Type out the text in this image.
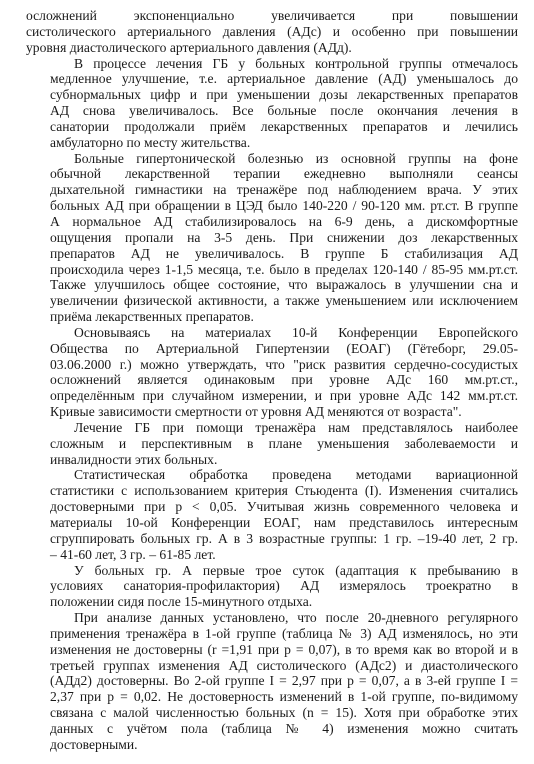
осложнений экспоненциально увеличивается при повышении
систолического артериального давления (АДс) и особенно при повышении
уровня диастолического артериального давления (АДд).
В процессе лечения ГБ у больных контрольной группы отмечалось
медленное улучшение, т.е. артериальное давление (АД) уменьшалось до
субнормальных цифр и при уменьшении дозы лекарственных препаратов
АД снова увеличивалось. Все больные после окончания лечения в
санатории продолжали приём лекарственных препаратов и лечились
амбулаторно по месту жительства.
Больные гипертонической болезнью из основной группы на фоне
обычной лекарственной терапии ежедневно выполняли сеансы
дыхательной гимнастики на тренажёре под наблюдением врача. У этих
больных АД при обращении в ЦЭД было 140-220 / 90-120 мм. рт.ст. В группе
А нормальное АД стабилизировалось на 6-9 день, а дискомфортные
ощущения пропали на 3-5 день. При снижении доз лекарственных
препаратов АД не увеличивалось. В группе Б стабилизация АД
происходила через 1-1,5 месяца, т.е. было в пределах 120-140 / 85-95 мм.рт.ст.
Также улучшилось общее состояние, что выражалось в улучшении сна и
увеличении физической активности, а также уменьшением или исключением
приёма лекарственных препаратов.
Основываясь на материалах 10-й Конференции Европейского
Общества по Артериальной Гипертензии (ЕОАГ) (Гётеборг, 29.05-
03.06.2000 г.) можно утверждать, что "риск развития сердечно-сосудистых
осложнений является одинаковым при уровне АДс 160 мм.рт.ст.,
определённым при случайном измерении, и при уровне АДс 142 мм.рт.ст.
Кривые зависимости смертности от уровня АД меняются от возраста".
Лечение ГБ при помощи тренажёра нам представлялось наиболее
сложным и перспективным в плане уменьшения заболеваемости и
инвалидности этих больных.
Статистическая обработка проведена методами вариационной
статистики с использованием критерия Стьюдента (I). Изменения считались
достоверными при р < 0,05. Учитывая жизнь современного человека и
материалы 10-ой Конференции ЕОАГ, нам представилось интересным
сгруппировать больных гр. А в 3 возрастные группы: 1 гр. –19-40 лет, 2 гр.
– 41-60 лет, 3 гр. – 61-85 лет.
У больных гр. А первые трое суток (адаптация к пребыванию в
условиях санатория-профилактория) АД измерялось троекратно в
положении сидя после 15-минутного отдыха.
При анализе данных установлено, что после 20-дневного регулярного
применения тренажёра в 1-ой группе (таблица № 3) АД изменялось, но эти
изменения не достоверны (r =1,91 при р = 0,07), в то время как во второй и в
третьей группах изменения АД систолического (АДс2) и диастолического
(АДд2) достоверны. Во 2-ой группе I = 2,97 при р = 0,07, а в 3-ей группе I =
2,37 при р = 0,02. Не достоверность изменений в 1-ой группе, по-видимому
связана с малой численностью больных (n = 15). Хотя при обработке этих
данных с учётом пола (таблица № 4) изменения можно считать
достоверными.
